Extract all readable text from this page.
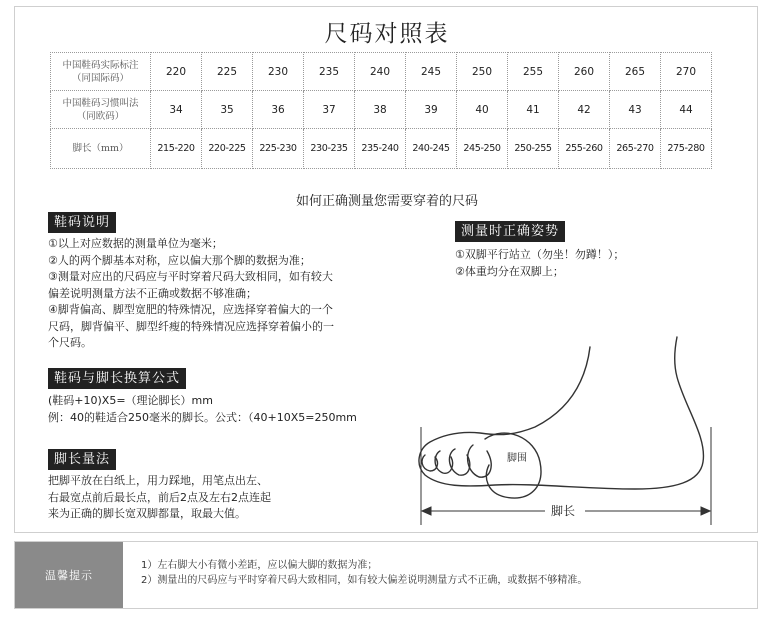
尺码对照表
中国鞋码实际标注
（同国际码）	220	225	230	235	240	245	250	255	260	265	270

中国鞋码习惯叫法
（同欧码）	34	35	36	37	38	39	40	41	42	43	44

脚长（mm）	215-220	220-225	225-230	230-235	235-240	240-245	245-250	250-255	255-260	265-270	275-280
如何正确测量您需要穿着的尺码
鞋码说明
①以上对应数据的测量单位为毫米；
②人的两个脚基本对称，应以偏大那个脚的数据为准；
③测量对应出的尺码应与平时穿着尺码大致相同，如有较大
偏差说明测量方法不正确或数据不够准确；
④脚背偏高、脚型宽肥的特殊情况，应选择穿着偏大的一个
尺码，脚背偏平、脚型纤瘦的特殊情况应选择穿着偏小的一
个尺码。
鞋码与脚长换算公式
(鞋码+10)X5=（理论脚长）mm
例：40的鞋适合250毫米的脚长。公式：（40+10X5=250mm
脚长量法
把脚平放在白纸上，用力踩地，用笔点出左、
右最宽点前后最长点，前后2点及左右2点连起
来为正确的脚长宽双脚都量，取最大值。
测量时正确姿势
①双脚平行站立（勿坐！勿蹲！）；
②体重均分在双脚上；
脚围
脚长
温馨提示
1）左右脚大小有微小差距，应以偏大脚的数据为准；
2）测量出的尺码应与平时穿着尺码大致相同，如有较大偏差说明测量方式不正确，或数据不够精准。
